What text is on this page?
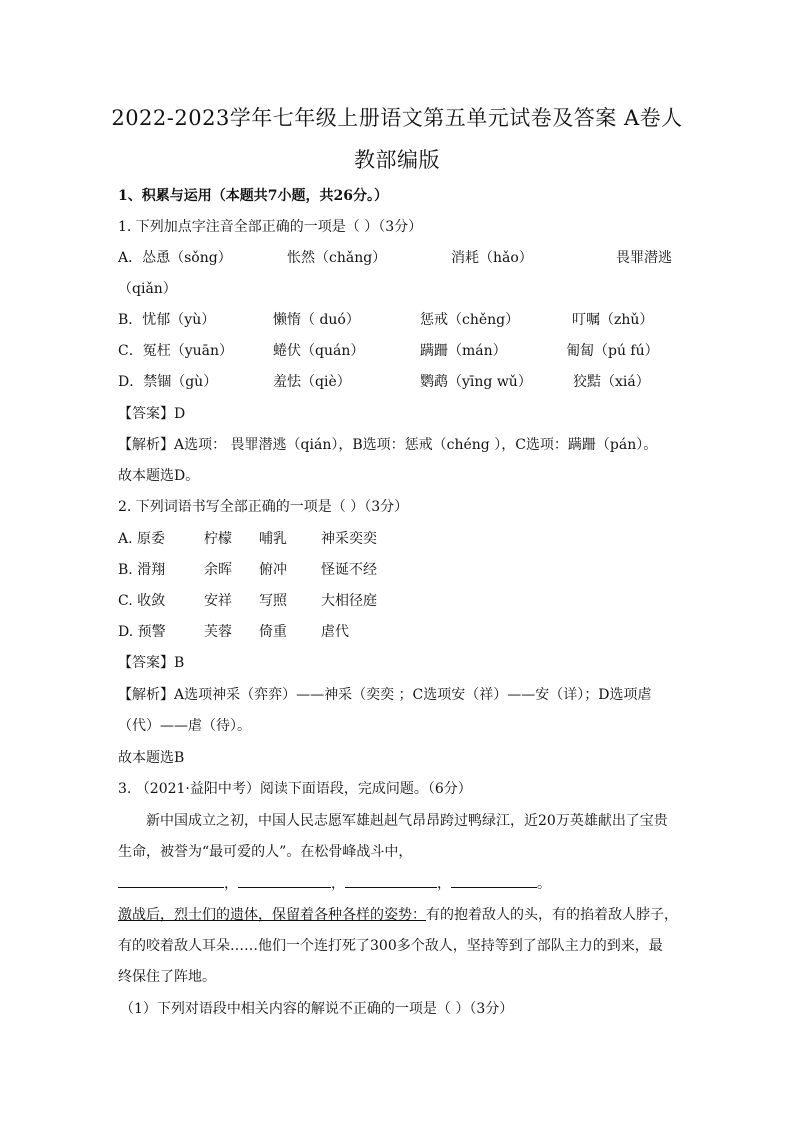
2022-2023学年七年级上册语文第五单元试卷及答案 A卷人
教部编版
1、积累与运用（本题共7小题，共26分。）
1. 下列加点字注音全部正确的一项是（ ）（3分）
A．怂恿（sǒng）	怅然（chǎng）	消耗（hǎo）	畏罪潜逃
（qiǎn）
B．忧郁（yù）	懒惰（ duó）	惩戒（chěng）	叮嘱（zhǔ）
C．冤枉（yuān）	蜷伏（quán）	蹒跚（mán）	匍匐（pú fú）
D．禁锢（gù）	羞怯（qiè）	鹦鹉（yīng wǔ）	狡黠（xiá）
【答案】D
【解析】A选项： 畏罪潜逃（qián），B选项：惩戒（chéng ），C选项：蹒跚（pán）。
故本题选D。
2. 下列词语书写全部正确的一项是（ ）（3分）
A. 原委	柠檬 哺乳 神采奕奕
B. 滑翔	余晖 俯冲 怪诞不经
C. 收敛	安祥 写照 大相径庭
D. 预警	芙蓉 倚重 虐代
【答案】B
【解析】A选项神采（弈弈）——神采（奕奕 ；C选项安（祥）——安（详）；D选项虐
（代）——虐（待）。
故本题选B
3. （2021·益阳中考）阅读下面语段，完成问题。（6分）
新中国成立之初，中国人民志愿军雄赳赳气昂昂跨过鸭绿江，近20万英雄献出了宝贵
生命，被誉为“最可爱的人”。在松骨峰战斗中，
，	，	，	。
激战后，烈士们的遗体，保留着各种各样的姿势：有的抱着敌人的头，有的掐着敌人脖子，
有的咬着敌人耳朵……他们一个连打死了300多个敌人，坚持等到了部队主力的到来，最
终保住了阵地。
（1）下列对语段中相关内容的解说不正确的一项是（ ）（3分）
